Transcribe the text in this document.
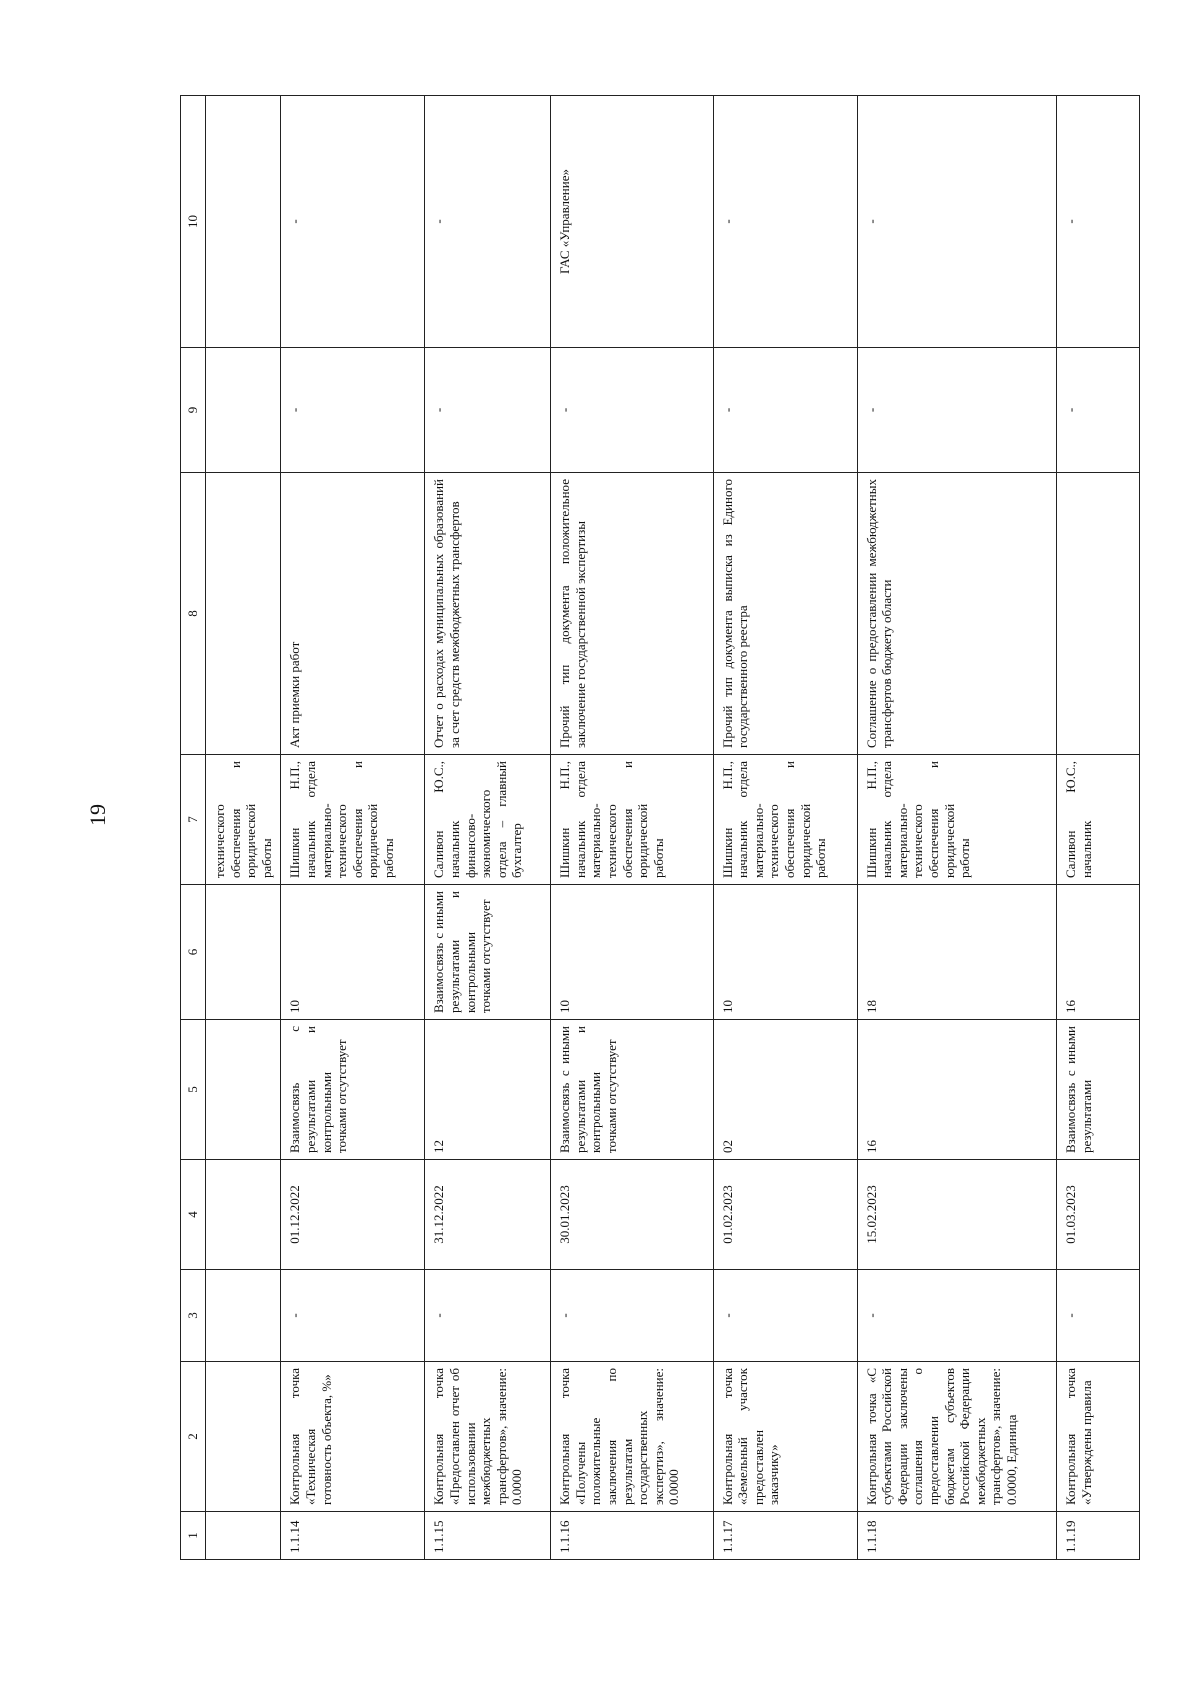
19
1	2	3	4	5	6	7	8	9	10
						технического обеспечения и юридической работы			
1.1.14	Контрольная точка «Техническая готовность объекта, %»	-	01.12.2022	Взаимосвязь с результатами и контрольными точками отсутствует	10	Шишкин Н.П., начальник отдела материально-технического обеспечения и юридической работы	Акт приемки работ	-	-
1.1.15	Контрольная точка «Предоставлен отчет об использовании межбюджетных трансфертов», значение: 0.0000	-	31.12.2022	12	Взаимосвязь с иными результатами и контрольными точками отсутствует	Саливон Ю.С., начальник финансово-экономического отдела – главный бухгалтер	Отчет о расходах муниципальных образований за счет средств межбюджетных трансфертов	-	-
1.1.16	Контрольная точка «Получены положительные заключения по результатам государственных экспертиз», значение: 0.0000	-	30.01.2023	Взаимосвязь с иными результатами и контрольными точками отсутствует	10	Шишкин Н.П., начальник отдела материально-технического обеспечения и юридической работы	Прочий тип документа положительное заключение государственной экспертизы	-	ГАС «Управление»
1.1.17	Контрольная точка «Земельный участок предоставлен заказчику»	-	01.02.2023	02	10	Шишкин Н.П., начальник отдела материально-технического обеспечения и юридической работы	Прочий тип документа выписка из Единого государственного реестра	-	-
1.1.18	Контрольная точка «С субъектами Российской Федерации заключены соглашения о предоставлении бюджетам субъектов Российской Федерации межбюджетных трансфертов», значение: 0.0000, Единица	-	15.02.2023	16	18	Шишкин Н.П., начальник отдела материально-технического обеспечения и юридической работы	Соглашение о предоставлении межбюджетных трансфертов бюджету области	-	-
1.1.19	Контрольная точка «Утверждены правила	-	01.03.2023	Взаимосвязь с иными результатами	16	Саливон Ю.С., начальник		-	-
